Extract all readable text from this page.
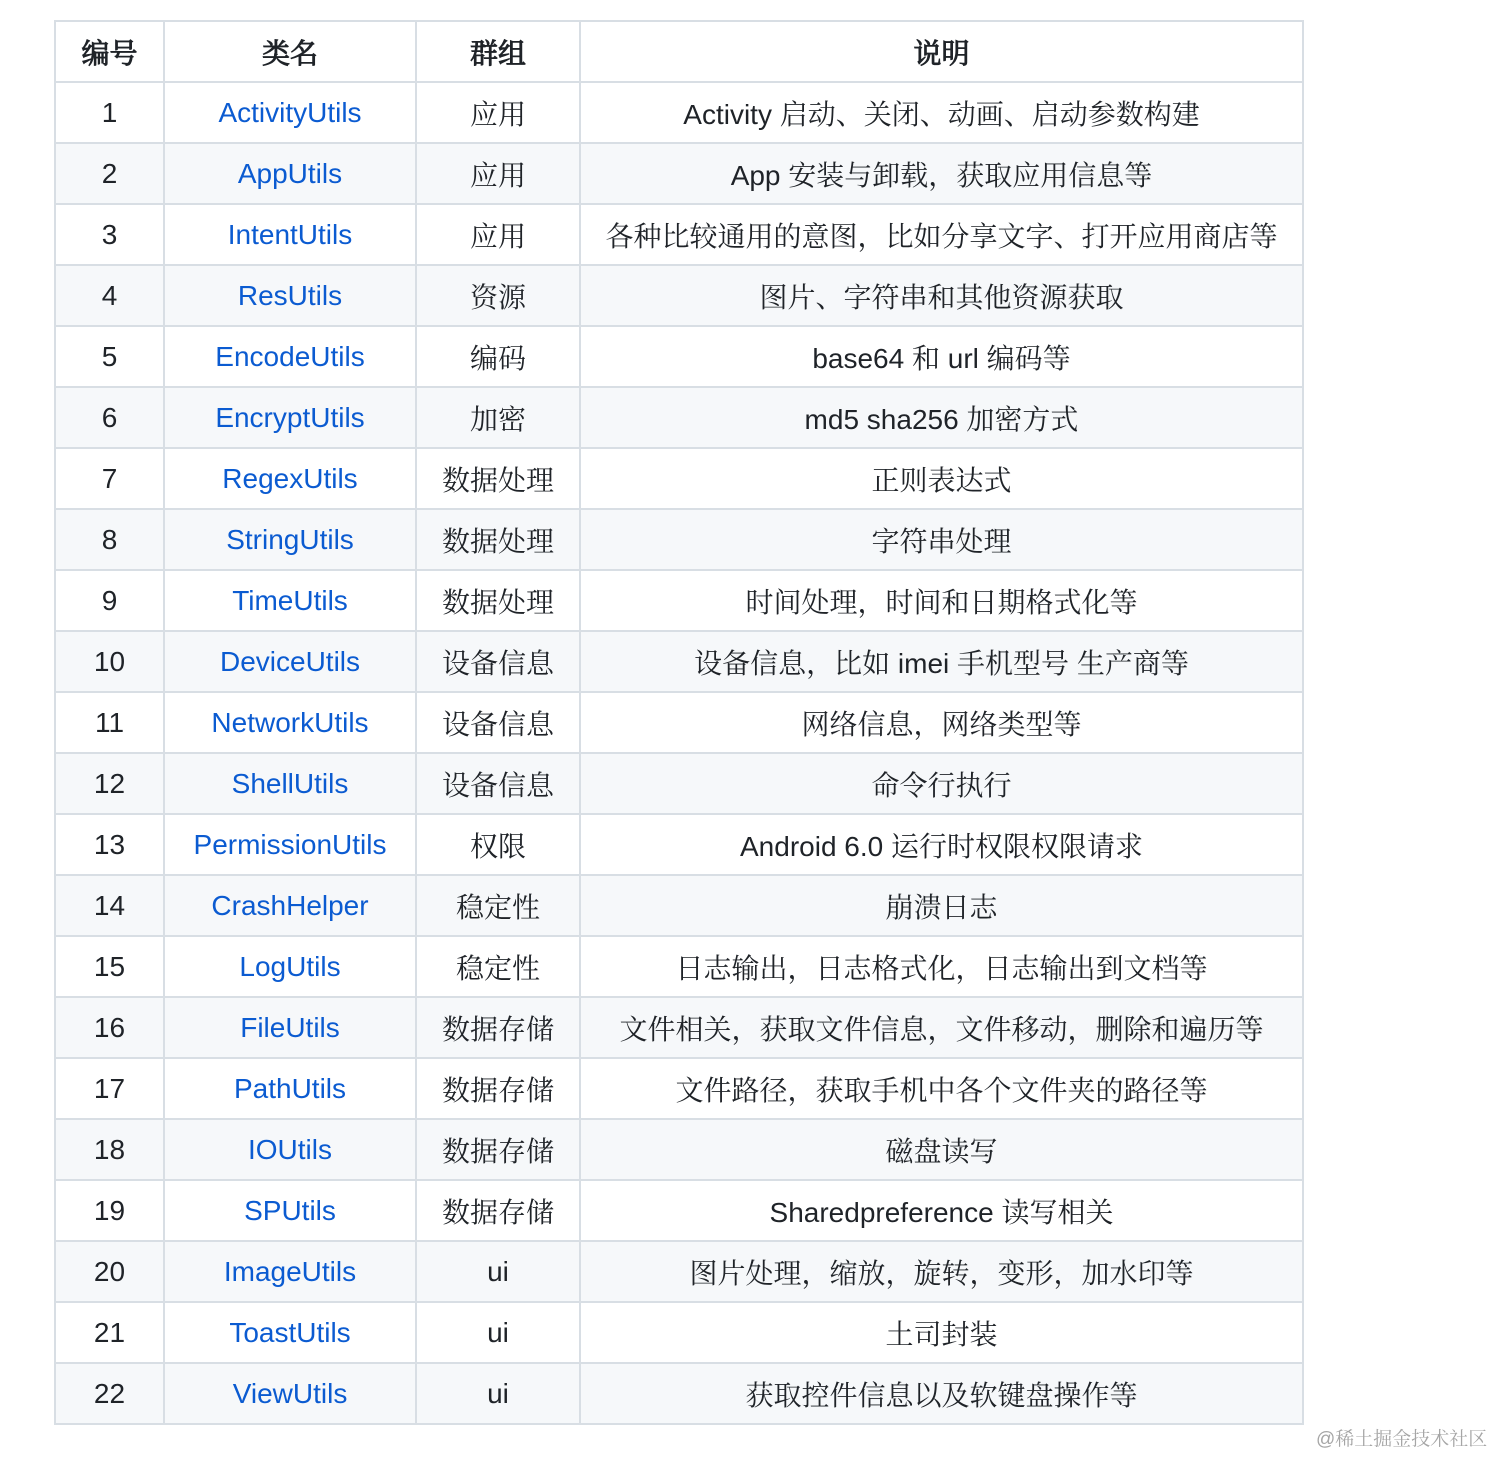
编号	类名	群组	说明
1	ActivityUtils	应用	Activity 启动、关闭、动画、启动参数构建
2	AppUtils	应用	App 安装与卸载，获取应用信息等
3	IntentUtils	应用	各种比较通用的意图，比如分享文字、打开应用商店等
4	ResUtils	资源	图片、字符串和其他资源获取
5	EncodeUtils	编码	base64 和 url 编码等
6	EncryptUtils	加密	md5 sha256 加密方式
7	RegexUtils	数据处理	正则表达式
8	StringUtils	数据处理	字符串处理
9	TimeUtils	数据处理	时间处理，时间和日期格式化等
10	DeviceUtils	设备信息	设备信息，比如 imei 手机型号 生产商等
11	NetworkUtils	设备信息	网络信息，网络类型等
12	ShellUtils	设备信息	命令行执行
13	PermissionUtils	权限	Android 6.0 运行时权限权限请求
14	CrashHelper	稳定性	崩溃日志
15	LogUtils	稳定性	日志输出，日志格式化，日志输出到文档等
16	FileUtils	数据存储	文件相关，获取文件信息，文件移动，删除和遍历等
17	PathUtils	数据存储	文件路径，获取手机中各个文件夹的路径等
18	IOUtils	数据存储	磁盘读写
19	SPUtils	数据存储	Sharedpreference 读写相关
20	ImageUtils	ui	图片处理，缩放，旋转，变形，加水印等
21	ToastUtils	ui	土司封装
22	ViewUtils	ui	获取控件信息以及软键盘操作等
@稀土掘金技术社区
